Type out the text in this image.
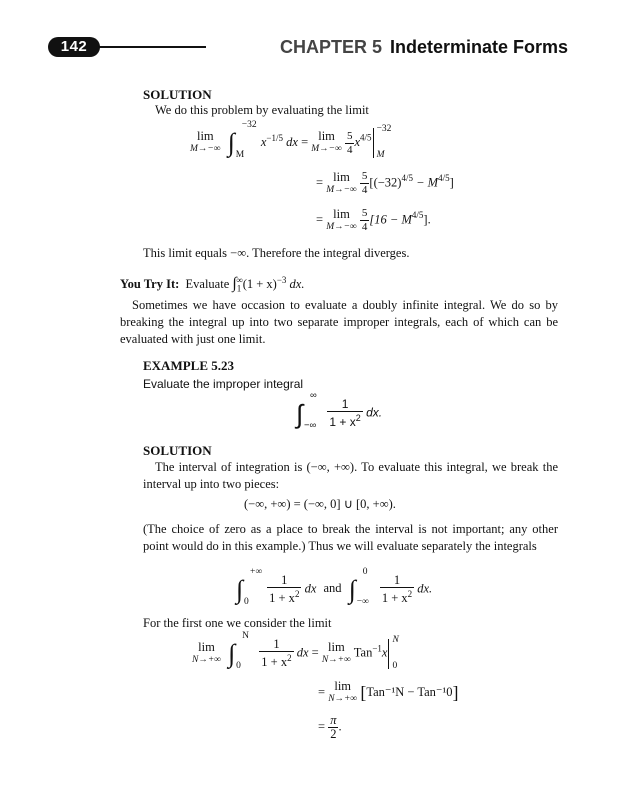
142	CHAPTER 5 Indeterminate Forms
SOLUTION
We do this problem by evaluating the limit
lim
M→−∞ ∫
−32
M
$x^{-1/5}$ dx = lim
M→−∞
$\frac{5}{4} x^{4/5}$
−32
M
= lim
M→−∞
$\frac{5}{4} [(-32)^{4/5} - M^{4/5}]$
= lim
M→−∞
$\frac{5}{4} [16 - M^{4/5}]$.
This limit equals −∞. Therefore the integral diverges.
You Try It: Evaluate $\int_1^\infty(1 + x)^{-3}$ dx.
Sometimes we have occasion to evaluate a doubly infinite integral. We do so by breaking the integral up into two separate improper integrals, each of which can be evaluated with just one limit.
EXAMPLE 5.23
Evaluate the improper integral
∫
∞
−∞
$\frac{1}{1 + x^2}$ dx.
SOLUTION
The interval of integration is (−∞, +∞). To evaluate this integral, we break the interval up into two pieces:
(−∞, +∞) = (−∞, 0] ∪ [0, +∞).
(The choice of zero as a place to break the interval is not important; any other point would do in this example.) Thus we will evaluate separately the integrals
∫
+∞
0
$\frac{1}{1 + x^2}$ dx and ∫
0
−∞
$\frac{1}{1 + x^2}$ dx.
For the first one we consider the limit
lim
N→+∞ ∫
N
0
$\frac{1}{1 + x^2}$ dx = lim
N→+∞
Tan$^{-1}$x
N
0
= lim
N→+∞ [Tan⁻¹N − Tan⁻¹0]
= $\frac{\pi}{2}$ .
